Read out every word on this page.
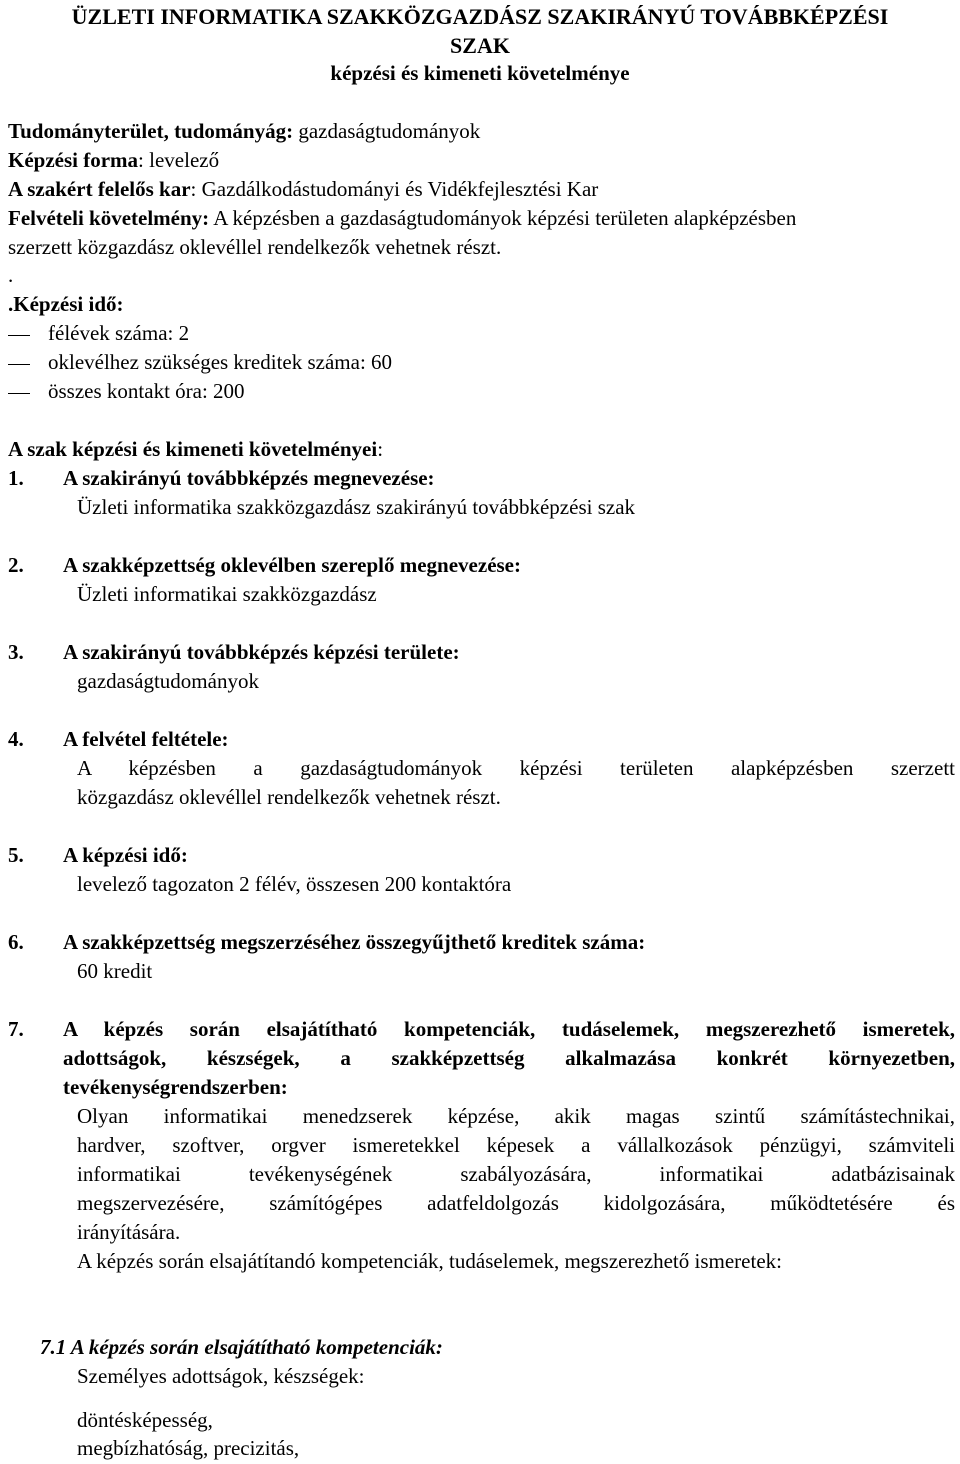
ÜZLETI INFORMATIKA SZAKKÖZGAZDÁSZ SZAKIRÁNYÚ TOVÁBBKÉPZÉSI
SZAK
képzési és kimeneti követelménye
Tudományterület, tudományág: gazdaságtudományok
Képzési forma: levelező
A szakért felelős kar: Gazdálkodástudományi és Vidékfejlesztési Kar
Felvételi követelmény: A képzésben a gazdaságtudományok képzési területen alapképzésben
szerzett közgazdász oklevéllel rendelkezők vehetnek részt.
.
.Képzési idő:
félévek száma: 2
oklevélhez szükséges kreditek száma: 60
összes kontakt óra: 200
A szak képzési és kimeneti követelményei:
1. A szakirányú továbbképzés megnevezése:
Üzleti informatika szakközgazdász szakirányú továbbképzési szak
2. A szakképzettség oklevélben szereplő megnevezése:
Üzleti informatikai szakközgazdász
3. A szakirányú továbbképzés képzési területe:
gazdaságtudományok
4. A felvétel feltétele:
A képzésben a gazdaságtudományok képzési területen alapképzésben szerzett
közgazdász oklevéllel rendelkezők vehetnek részt.
5. A képzési idő:
levelező tagozaton 2 félév, összesen 200 kontaktóra
6. A szakképzettség megszerzéséhez összegyűjthető kreditek száma:
60 kredit
7. A képzés során elsajátítható kompetenciák, tudáselemek, megszerezhető ismeretek,
adottságok, készségek, a szakképzettség alkalmazása konkrét környezetben,
tevékenységrendszerben:
Olyan informatikai menedzserek képzése, akik magas szintű számítástechnikai,
hardver, szoftver, orgver ismeretekkel képesek a vállalkozások pénzügyi, számviteli
informatikai tevékenységének szabályozására, informatikai adatbázisainak
megszervezésére, számítógépes adatfeldolgozás kidolgozására, működtetésére és
irányítására.
A képzés során elsajátítandó kompetenciák, tudáselemek, megszerezhető ismeretek:
7.1 A képzés során elsajátítható kompetenciák:
Személyes adottságok, készségek:
döntésképesség,
megbízhatóság, precizitás,
